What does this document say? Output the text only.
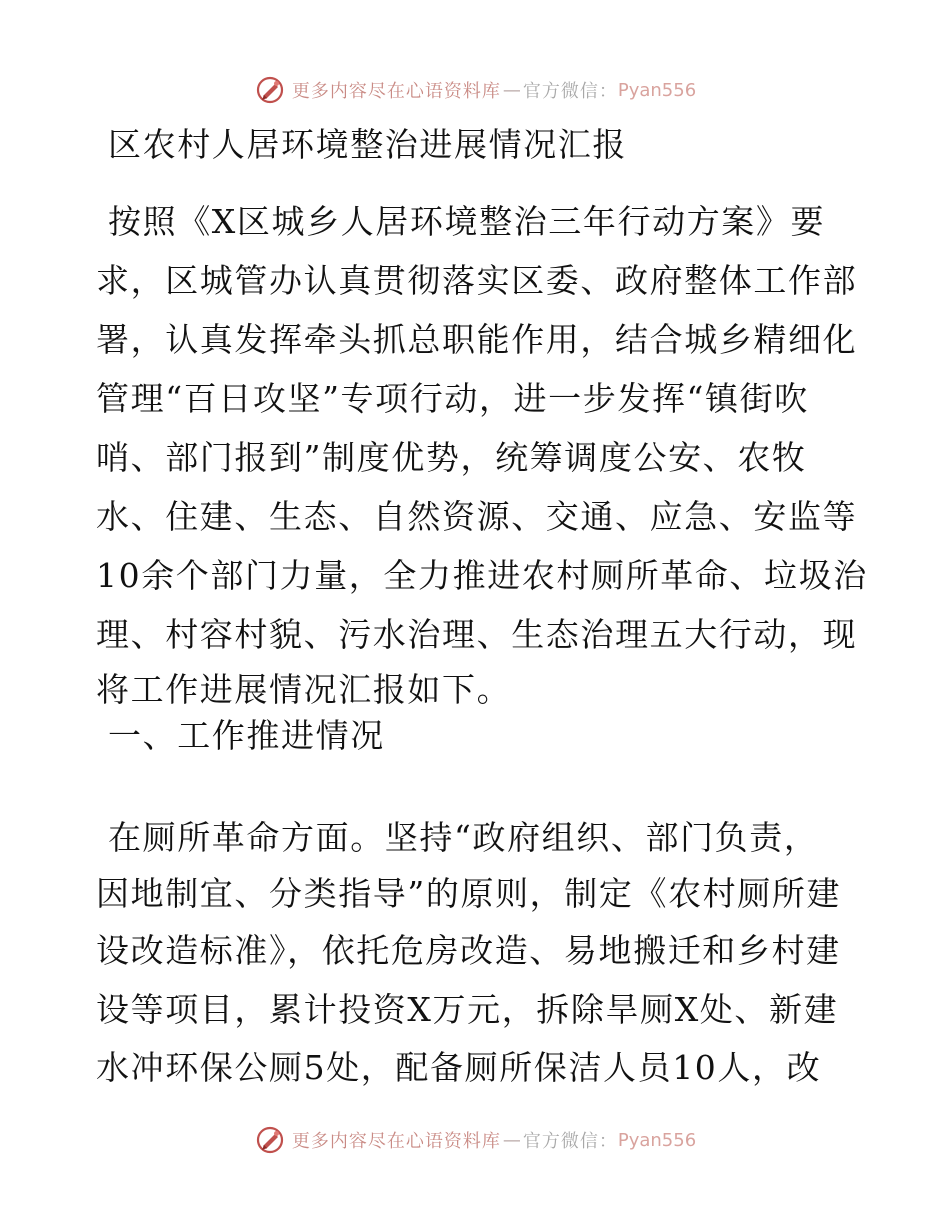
更多内容尽在心语资料库 — 官方微信： Pyan556
区农村人居环境整治进展情况汇报
按照《X区城乡人居环境整治三年行动方案》要
求，区城管办认真贯彻落实区委、政府整体工作部
署，认真发挥牵头抓总职能作用，结合城乡精细化
管理“百日攻坚”专项行动，进一步发挥“镇街吹
哨、部门报到”制度优势，统筹调度公安、农牧
水、住建、生态、自然资源、交通、应急、安监等
10余个部门力量，全力推进农村厕所革命、垃圾治
理、村容村貌、污水治理、生态治理五大行动，现
将工作进展情况汇报如下。
一、工作推进情况
在厕所革命方面。坚持“政府组织、部门负责，
因地制宜、分类指导”的原则，制定《农村厕所建
设改造标准》，依托危房改造、易地搬迁和乡村建
设等项目，累计投资X万元，拆除旱厕X处、新建
水冲环保公厕5处，配备厕所保洁人员10人，改
更多内容尽在心语资料库 — 官方微信： Pyan556
